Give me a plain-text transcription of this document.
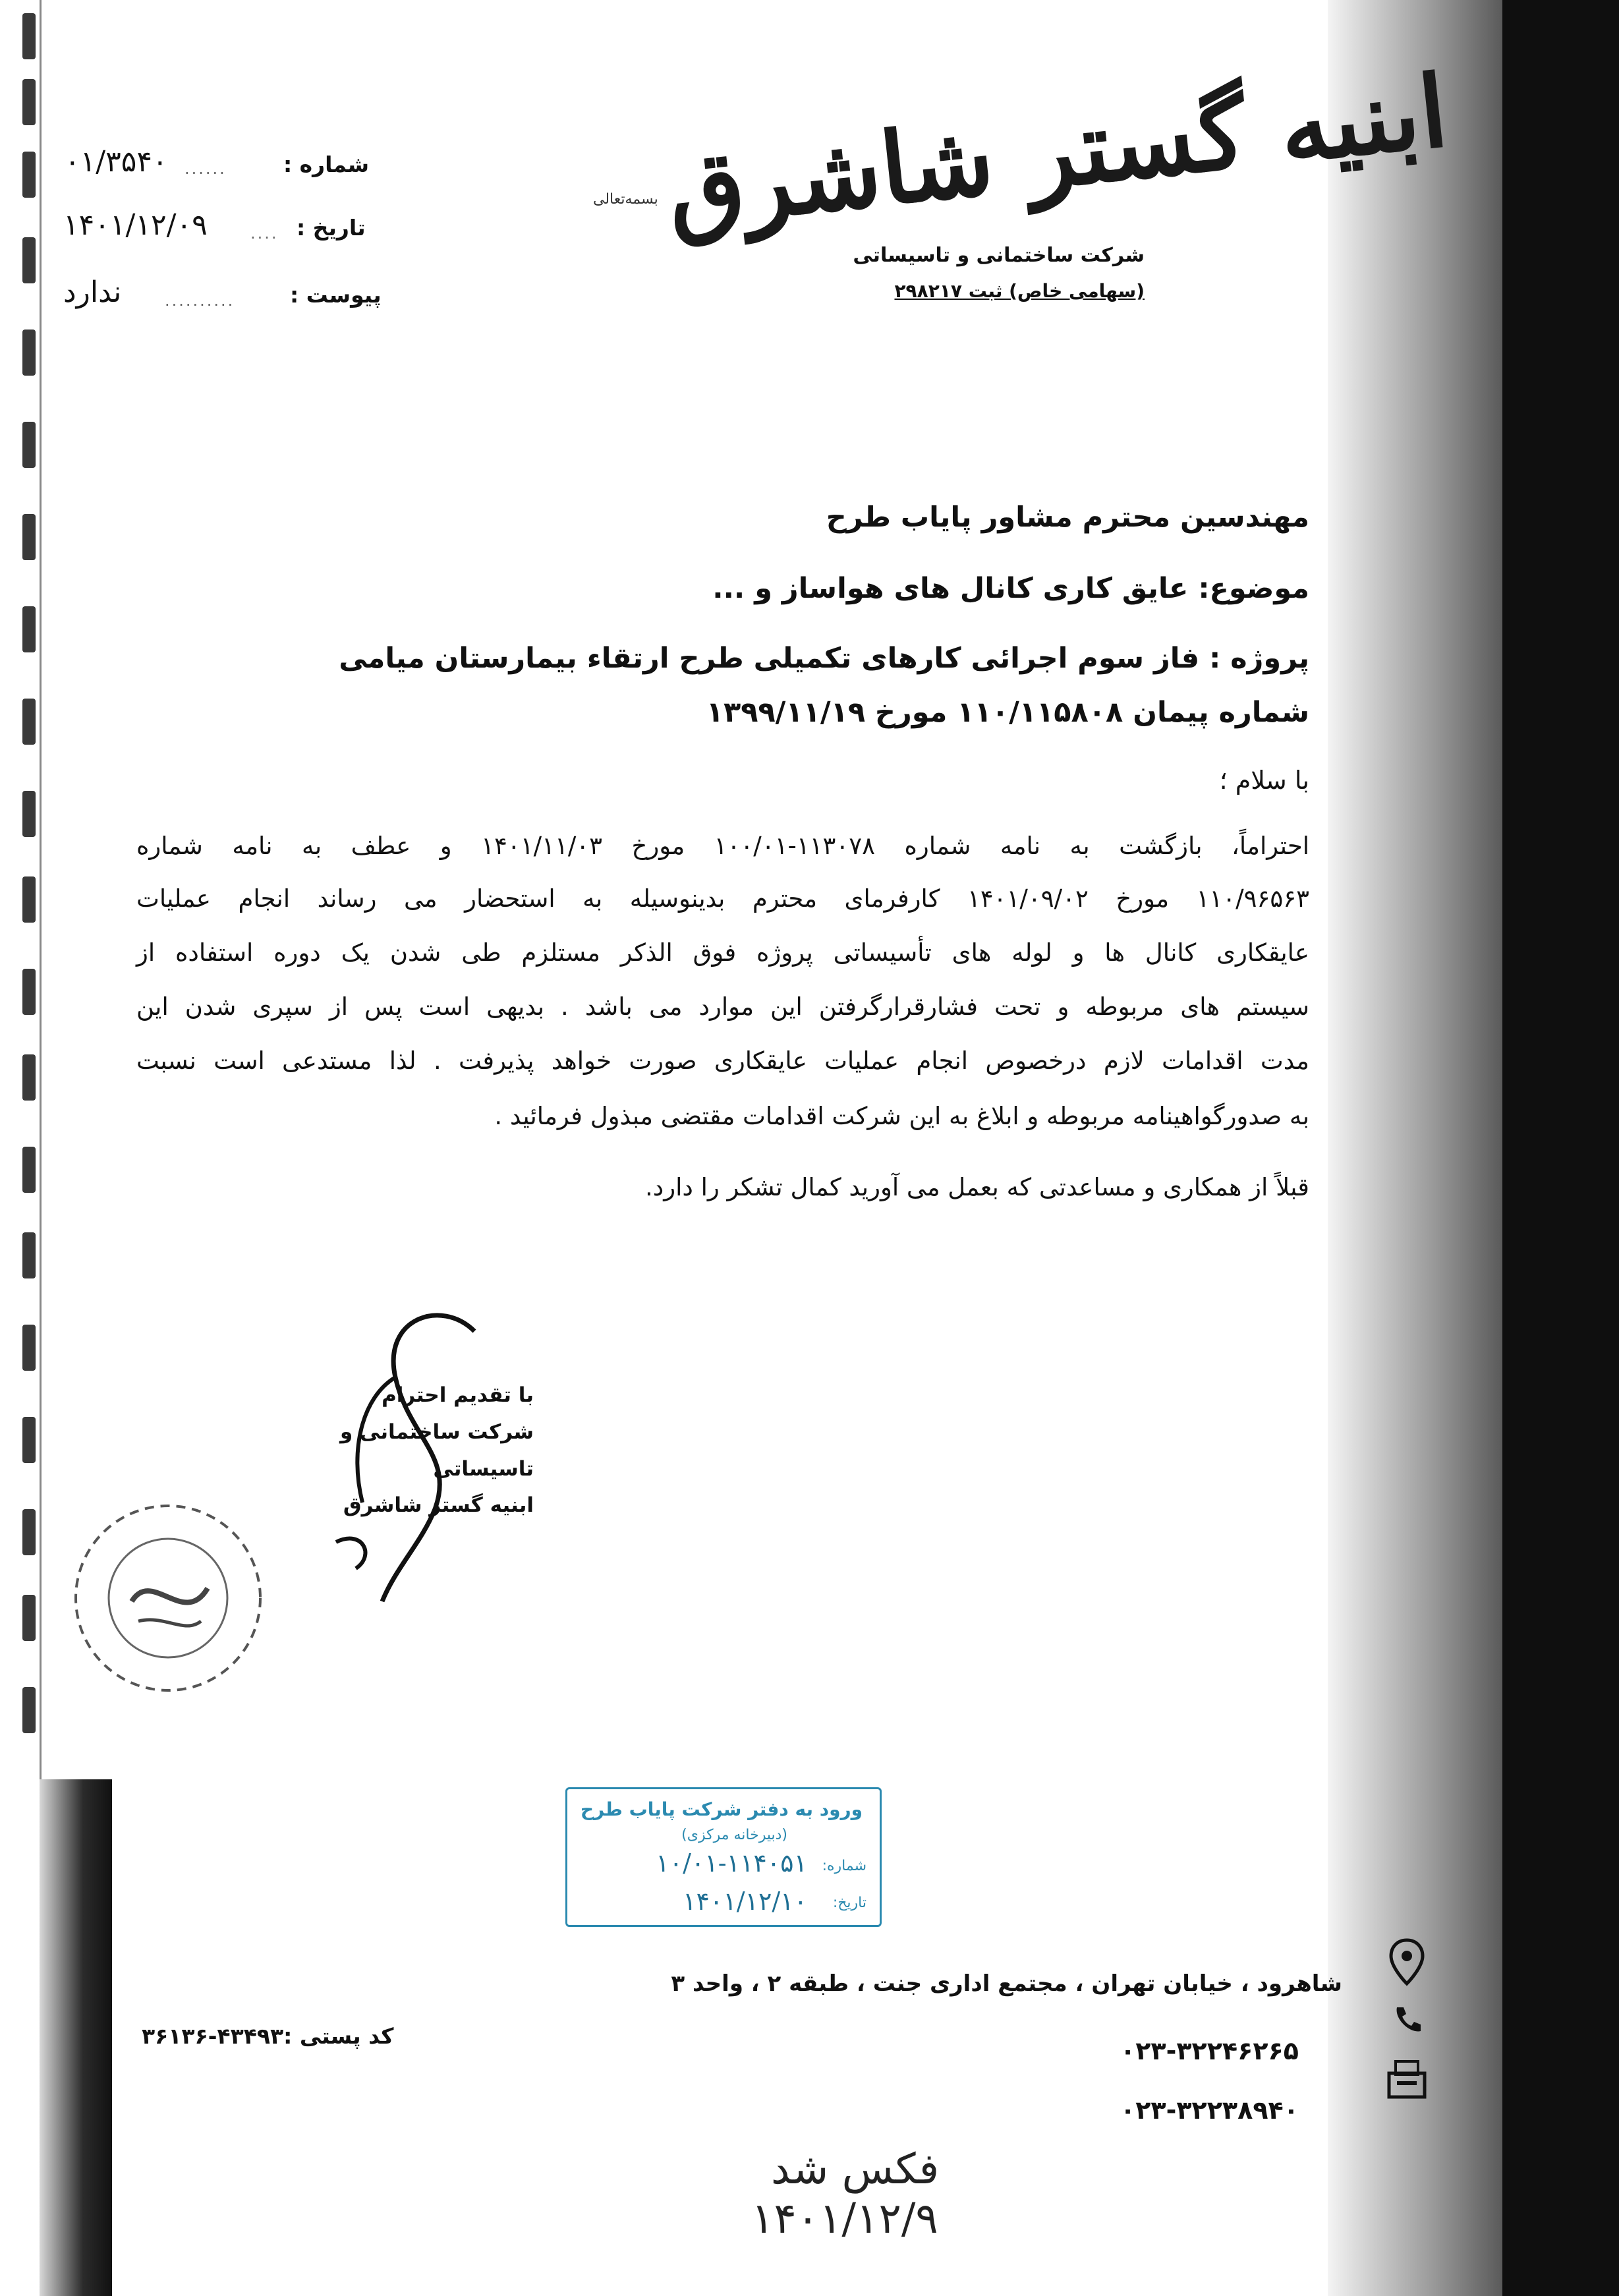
ابنیه گستر شاشرق
شرکت ساختمانی و تاسیساتی
(سهامی خاص) ثبت ۲۹۸۲۱۷
بسمه‌تعالی
شماره :
......
۰۱/۳۵۴۰
تاریخ :
....
۱۴۰۱/۱۲/۰۹
پیوست :
..........
ندارد
مهندسین محترم مشاور پایاب طرح
موضوع: عایق کاری کانال های هواساز و ...
پروژه : فاز سوم اجرائی کارهای تکمیلی طرح ارتقاء بیمارستان میامی
شماره پیمان ۱۱۰/۱۱۵۸۰۸ مورخ ۱۳۹۹/۱۱/۱۹
با سلام ؛
احتراماً، بازگشت به نامه شماره ۱۱۳۰۷۸-۱۰۰/۰۱ مورخ ۱۴۰۱/۱۱/۰۳ و عطف به نامه شماره
۱۱۰/۹۶۵۶۳ مورخ ۱۴۰۱/۰۹/۰۲ کارفرمای محترم بدینوسیله به استحضار می رساند انجام عملیات
عایقکاری کانال ها و لوله های تأسیساتی پروژه فوق الذکر مستلزم طی شدن یک دوره استفاده از
سیستم های مربوطه و تحت فشارقرارگرفتن این موارد می باشد . بدیهی است پس از سپری شدن این
مدت اقدامات لازم درخصوص انجام عملیات عایقکاری صورت خواهد پذیرفت . لذا مستدعی است نسبت
به صدورگواهینامه مربوطه و ابلاغ به این شرکت اقدامات مقتضی مبذول فرمائید .
قبلاً از همکاری و مساعدتی که بعمل می آورید کمال تشکر را دارد.
با تقدیم احترام
شرکت ساختمانی و تاسیساتی
ابنیه گستر شاشرق
ورود به دفتر شرکت پایاب طرح
(دبیرخانه مرکزی)
شماره:
۱۰/۰۱-۱۱۴۰۵۱
تاریخ:
۱۴۰۱/۱۲/۱۰
شاهرود ، خیابان تهران ، مجتمع اداری جنت ، طبقه ۲ ، واحد ۳
کد پستی :۴۳۴۹۳-۳۶۱۳۶
۰۲۳-۳۲۲۴۶۲۶۵
۰۲۳-۳۲۲۳۸۹۴۰
فکس شد
۱۴۰۱/۱۲/۹
